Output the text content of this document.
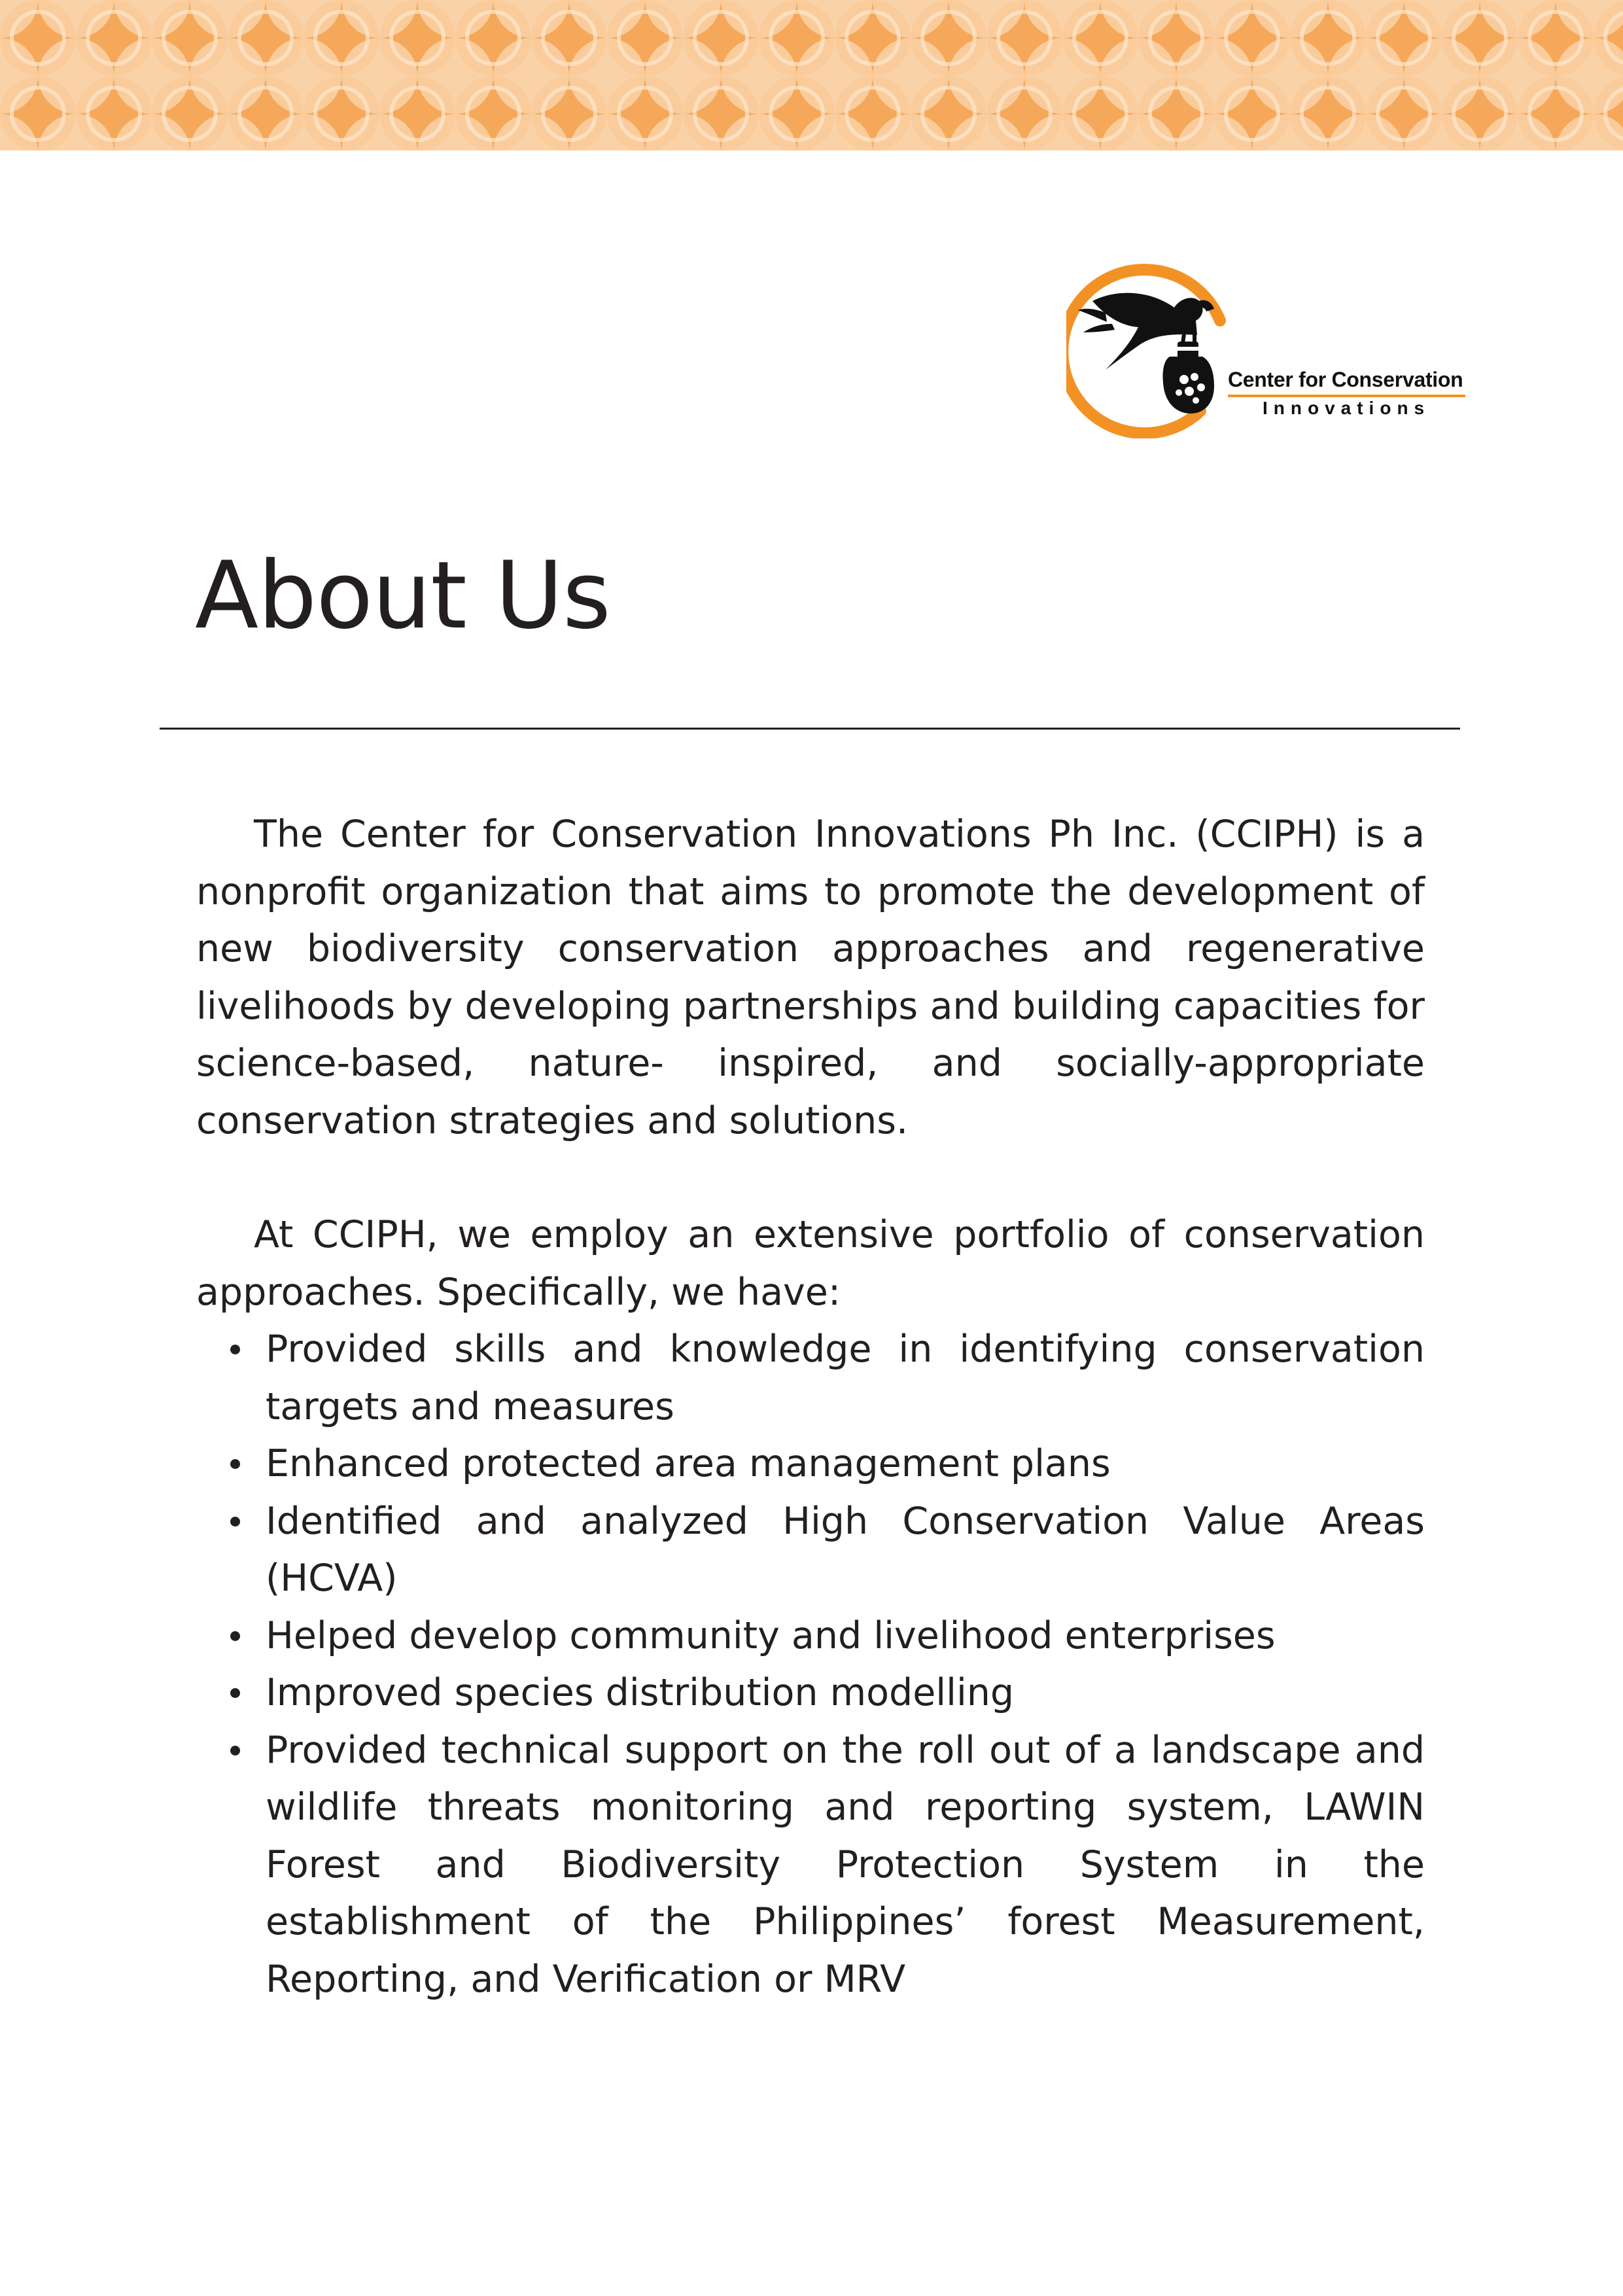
Center for Conservation
Innovations
About Us

The Center for Conservation Innovations Ph Inc. (CCIPH) is a nonprofit organization that aims to promote the development of new biodiversity conservation approaches and regenerative livelihoods by developing partnerships and building capacities for science-based, nature- inspired, and socially-appropriate conservation strategies and solutions.

At CCIPH, we employ an extensive portfolio of conservation approaches. Specifically, we have:

Provided skills and knowledge in identifying conservation targets and measures
Enhanced protected area management plans
Identified and analyzed High Conservation Value Areas (HCVA)
Helped develop community and livelihood enterprises
Improved species distribution modelling
Provided technical support on the roll out of a landscape and wildlife threats monitoring and reporting system, LAWIN Forest and Biodiversity Protection System in the establishment of the Philippines’ forest Measurement, Reporting, and Verification or MRV
